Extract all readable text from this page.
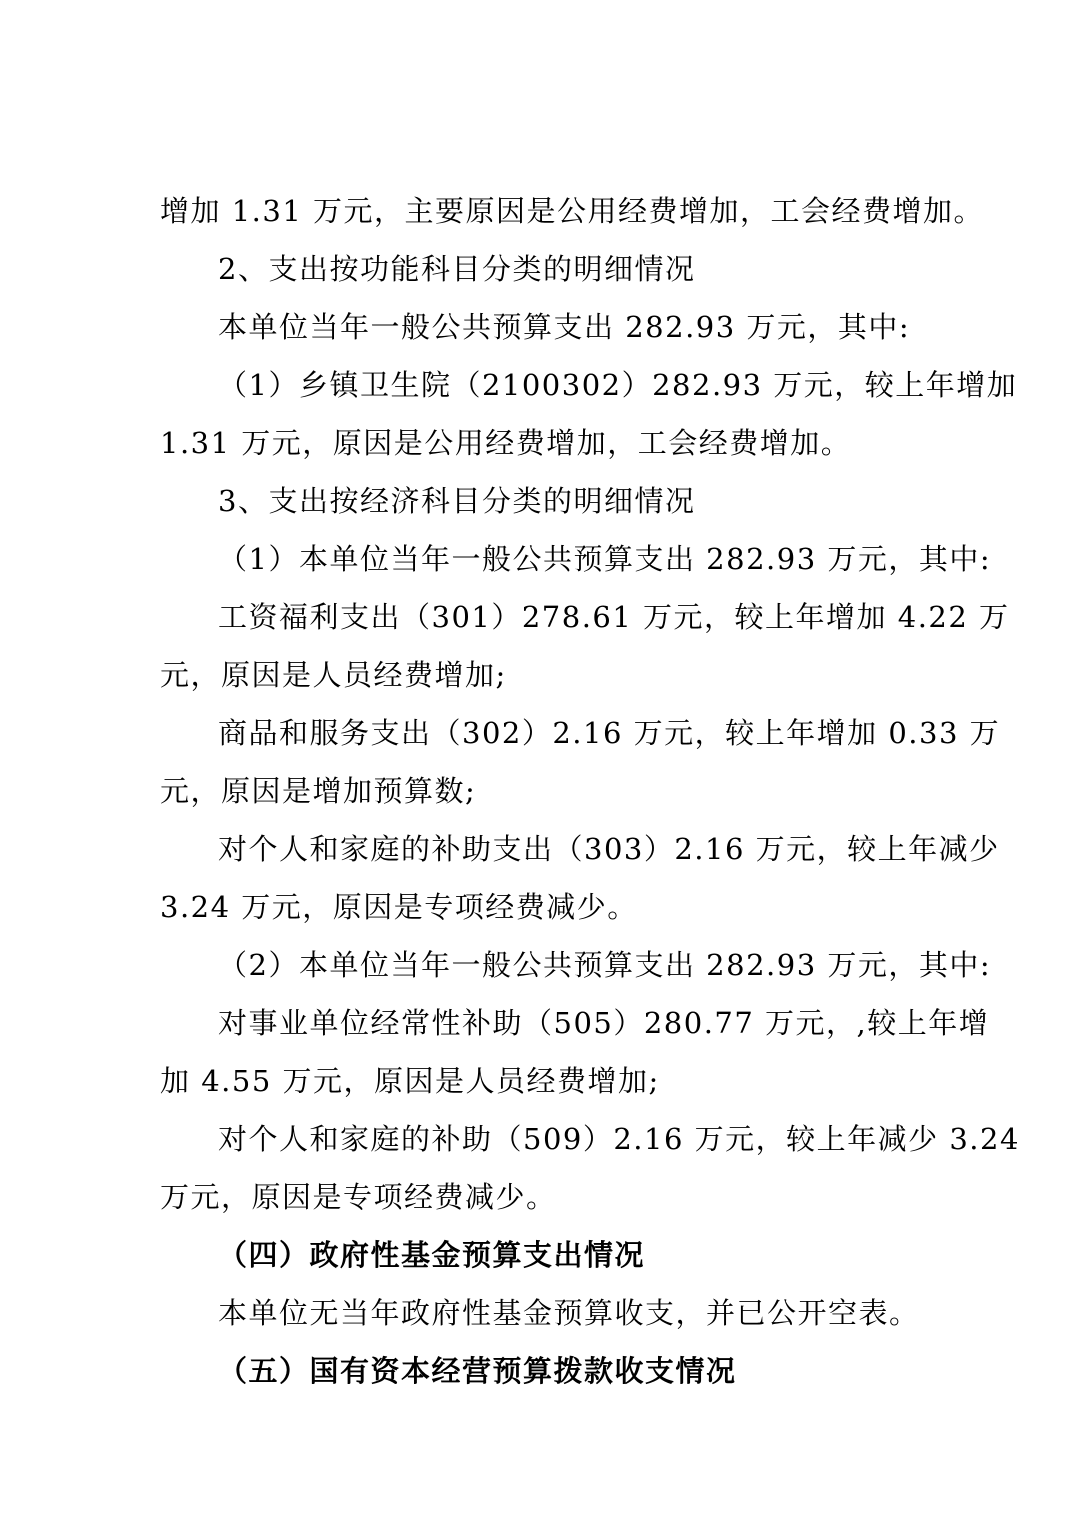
增加 1.31 万元，主要原因是公用经费增加，工会经费增加。
2、支出按功能科目分类的明细情况
本单位当年一般公共预算支出 282.93 万元，其中:
（1）乡镇卫生院（2100302）282.93 万元，较上年增加
1.31 万元，原因是公用经费增加，工会经费增加。
3、支出按经济科目分类的明细情况
（1）本单位当年一般公共预算支出 282.93 万元，其中:
工资福利支出（301）278.61 万元，较上年增加 4.22 万
元，原因是人员经费增加;
商品和服务支出（302）2.16 万元，较上年增加 0.33 万
元，原因是增加预算数;
对个人和家庭的补助支出（303）2.16 万元，较上年减少
3.24 万元，原因是专项经费减少。
（2）本单位当年一般公共预算支出 282.93 万元，其中:
对事业单位经常性补助（505）280.77 万元，,较上年增
加 4.55 万元，原因是人员经费增加;
对个人和家庭的补助（509）2.16 万元，较上年减少 3.24
万元，原因是专项经费减少。
（四）政府性基金预算支出情况
本单位无当年政府性基金预算收支，并已公开空表。
（五）国有资本经营预算拨款收支情况
